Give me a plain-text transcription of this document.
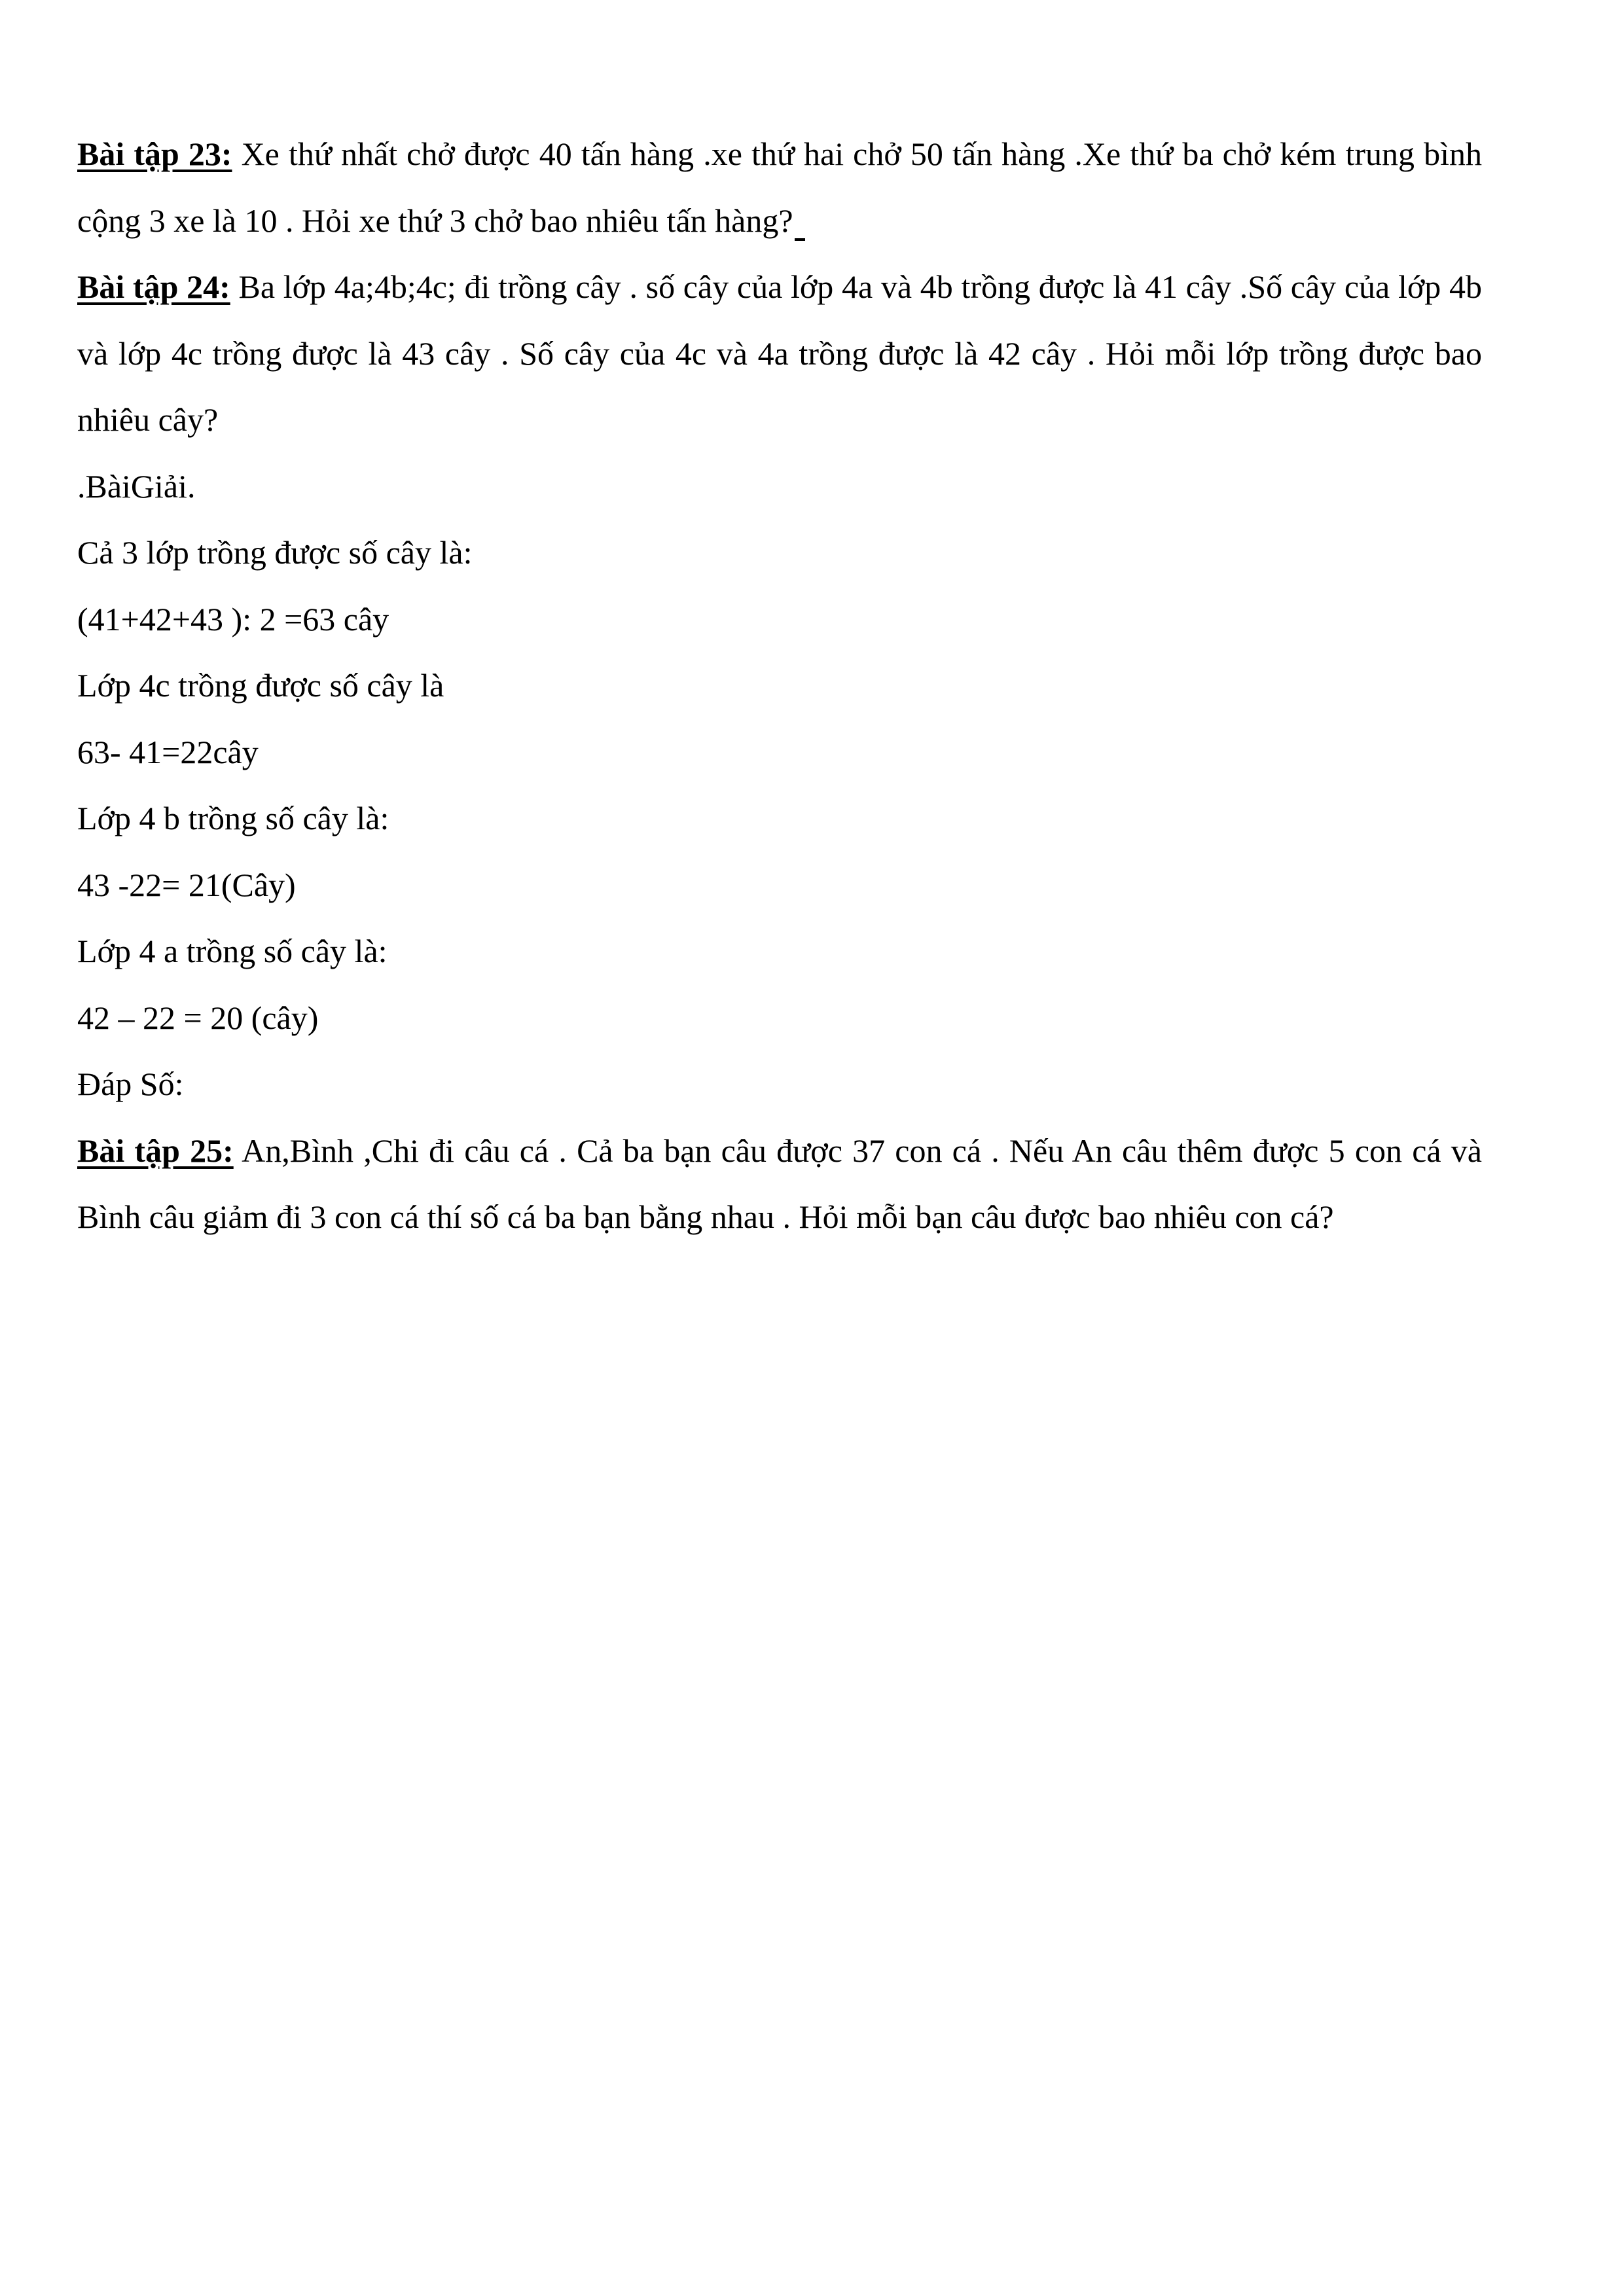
Bài tập 23: Xe thứ nhất chở được 40 tấn hàng .xe thứ hai chở 50 tấn hàng .Xe thứ ba chở kém trung bình cộng 3 xe là 10 . Hỏi xe thứ 3 chở bao nhiêu tấn hàng?

Bài tập 24: Ba lớp 4a;4b;4c; đi trồng cây . số cây của lớp 4a và 4b trồng được là 41 cây .Số cây của lớp 4b và lớp 4c trồng được là 43 cây . Số cây của 4c và 4a trồng được là 42 cây . Hỏi mỗi lớp trồng được bao nhiêu cây?

.BàiGiải.

Cả 3 lớp trồng được số cây là:

(41+42+43 ): 2 =63 cây

Lớp 4c trồng được số cây là

63- 41=22cây

Lớp 4 b trồng số cây là:

43 -22= 21(Cây)

Lớp 4 a trồng số cây là:

42 – 22 = 20 (cây)

Đáp Số:

Bài tập 25: An,Bình ,Chi đi câu cá . Cả ba bạn câu được 37 con cá . Nếu An câu thêm được 5 con cá và Bình câu giảm đi 3 con cá thí số cá ba bạn bằng nhau . Hỏi mỗi bạn câu được bao nhiêu con cá?
